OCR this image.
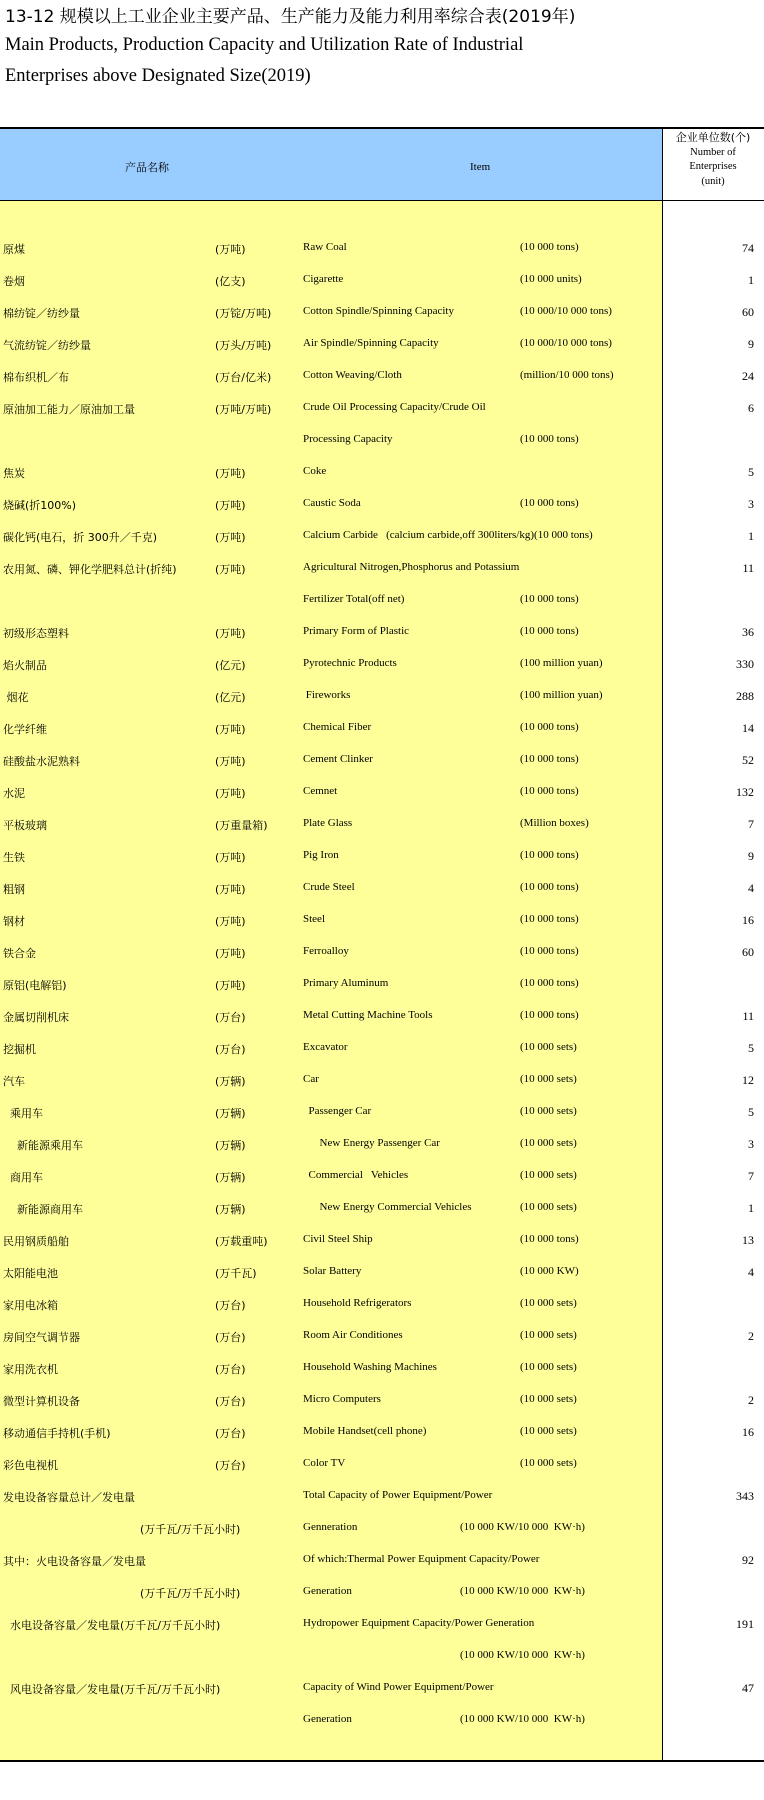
13-12 规模以上工业企业主要产品、生产能力及能力利用率综合表(2019年)
Main Products, Production Capacity and Utilization Rate of Industrial
Enterprises above Designated Size(2019)
产品名称	Item
企业单位数(个)
Number of
Enterprises
(unit)
原煤	(万吨)	Raw Coal	(10 000 tons)	74
卷烟	(亿支)	Cigarette	(10 000 units)	1
棉纺锭／纺纱量	(万锭/万吨)	Cotton Spindle/Spinning Capacity	(10 000/10 000 tons)	60
气流纺锭／纺纱量	(万头/万吨)	Air Spindle/Spinning Capacity	(10 000/10 000 tons)	9
棉布织机／布	(万台/亿米)	Cotton Weaving/Cloth	(million/10 000 tons)	24
原油加工能力／原油加工量	(万吨/万吨)	Crude Oil Processing Capacity/Crude Oil	6
Processing Capacity	(10 000 tons)
焦炭	(万吨)	Coke	5
烧碱(折100%)	(万吨)	Caustic Soda	(10 000 tons)	3
碳化钙(电石，折 300升／千克)	(万吨)	Calcium Carbide   (calcium carbide,off 300liters/kg)(10 000 tons)	1
农用氮、磷、钾化学肥料总计(折纯)	(万吨)	Agricultural Nitrogen,Phosphorus and Potassium	11
Fertilizer Total(off net)	(10 000 tons)
初级形态塑料	(万吨)	Primary Form of Plastic	(10 000 tons)	36
焰火制品	(亿元)	Pyrotechnic Products	(100 million yuan)	330
烟花	(亿元)	Fireworks	(100 million yuan)	288
化学纤维	(万吨)	Chemical Fiber	(10 000 tons)	14
硅酸盐水泥熟料	(万吨)	Cement Clinker	(10 000 tons)	52
水泥	(万吨)	Cemnet	(10 000 tons)	132
平板玻璃	(万重量箱)	Plate Glass	(Million boxes)	7
生铁	(万吨)	Pig Iron	(10 000 tons)	9
粗钢	(万吨)	Crude Steel	(10 000 tons)	4
钢材	(万吨)	Steel	(10 000 tons)	16
铁合金	(万吨)	Ferroalloy	(10 000 tons)	60
原铝(电解铝)	(万吨)	Primary Aluminum	(10 000 tons)
金属切削机床	(万台)	Metal Cutting Machine Tools	(10 000 tons)	11
挖掘机	(万台)	Excavator	(10 000 sets)	5
汽车	(万辆)	Car	(10 000 sets)	12
乘用车	(万辆)	Passenger Car	(10 000 sets)	5
新能源乘用车	(万辆)	New Energy Passenger Car	(10 000 sets)	3
商用车	(万辆)	Commercial   Vehicles	(10 000 sets)	7
新能源商用车	(万辆)	New Energy Commercial Vehicles	(10 000 sets)	1
民用钢质船舶	(万载重吨)	Civil Steel Ship	(10 000 tons)	13
太阳能电池	(万千瓦)	Solar Battery	(10 000 KW)	4
家用电冰箱	(万台)	Household Refrigerators	(10 000 sets)
房间空气调节器	(万台)	Room Air Conditiones	(10 000 sets)	2
家用洗衣机	(万台)	Household Washing Machines	(10 000 sets)
微型计算机设备	(万台)	Micro Computers	(10 000 sets)	2
移动通信手持机(手机)	(万台)	Mobile Handset(cell phone)	(10 000 sets)	16
彩色电视机	(万台)	Color TV	(10 000 sets)
发电设备容量总计／发电量	Total Capacity of Power Equipment/Power	343
(万千瓦/万千瓦小时)	Genneration	(10 000 KW/10 000  KW·h)
其中：火电设备容量／发电量	Of which:Thermal Power Equipment Capacity/Power	92
(万千瓦/万千瓦小时)	Generation	(10 000 KW/10 000  KW·h)
水电设备容量／发电量(万千瓦/万千瓦小时)	Hydropower Equipment Capacity/Power Generation	191
(10 000 KW/10 000  KW·h)
风电设备容量／发电量(万千瓦/万千瓦小时)	Capacity of Wind Power Equipment/Power	47
Generation	(10 000 KW/10 000  KW·h)
